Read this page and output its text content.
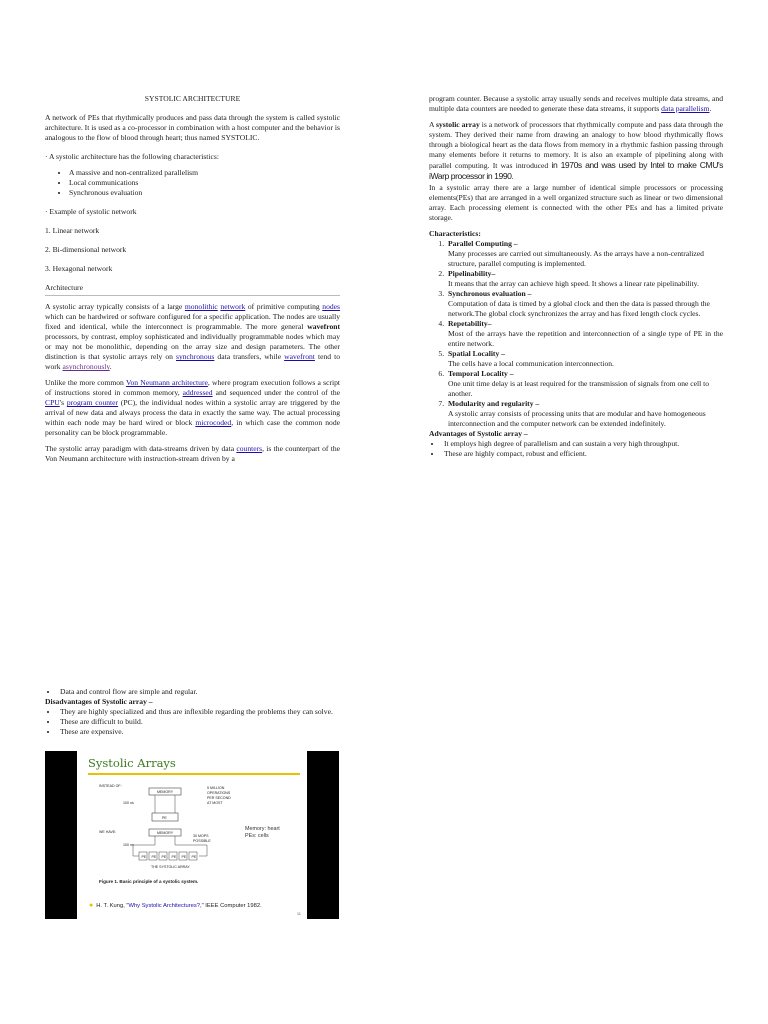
SYSTOLIC ARCHITECTURE

A network of PEs that rhythmically produces and pass data through the system is called systolic architecture. It is used as a co-processor in combination with a host computer and the behavior is analogous to the flow of blood through heart; thus named SYSTOLIC.

· A systolic architecture has the following characteristics:

• A massive and non-centralized parallelism
• Local communications
• Synchronous evaluation

· Example of systolic network

1. Linear network

2. Bi-dimensional network

3. Hexagonal network

Architecture

A systolic array typically consists of a large monolithic network of primitive computing nodes which can be hardwired or software configured for a specific application. The nodes are usually fixed and identical, while the interconnect is programmable. The more general wavefront processors, by contrast, employ sophisticated and individually programmable nodes which may or may not be monolithic, depending on the array size and design parameters. The other distinction is that systolic arrays rely on synchronous data transfers, while wavefront tend to work asynchronously.

Unlike the more common Von Neumann architecture, where program execution follows a script of instructions stored in common memory, addressed and sequenced under the control of the CPU's program counter (PC), the individual nodes within a systolic array are triggered by the arrival of new data and always process the data in exactly the same way. The actual processing within each node may be hard wired or block microcoded, in which case the common node personality can be block programmable.

The systolic array paradigm with data-streams driven by data counters, is the counterpart of the Von Neumann architecture with instruction-stream driven by a

program counter. Because a systolic array usually sends and receives multiple data streams, and multiple data counters are needed to generate these data streams, it supports data parallelism.

A systolic array is a network of processors that rhythmically compute and pass data through the system. They derived their name from drawing an analogy to how blood rhythmically flows through a biological heart as the data flows from memory in a rhythmic fashion passing through many elements before it returns to memory. It is also an example of pipelining along with parallel computing. It was introduced in 1970s and was used by Intel to make CMU's iWarp processor in 1990.
In a systolic array there are a large number of identical simple processors or processing elements(PEs) that are arranged in a well organized structure such as linear or two dimensional array. Each processing element is connected with the other PEs and has a limited private storage.

Characteristics:

1. Parallel Computing –
Many processes are carried out simultaneously. As the arrays have a non-centralized structure, parallel computing is implemented.
2. Pipelinability–
It means that the array can achieve high speed. It shows a linear rate pipelinability.
3. Synchronous evaluation –
Computation of data is timed by a global clock and then the data is passed through the network.The global clock synchronizes the array and has fixed length clock cycles.
4. Repetability–
Most of the arrays have the repetition and interconnection of a single type of PE in the entire network.
5. Spatial Locality –
The cells have a local communication interconnection.
6. Temporal Locality –
One unit time delay is at least required for the transmission of signals from one cell to another.
7. Modularity and regularity –
A systolic array consists of processing units that are modular and have homogeneous interconnection and the computer network can be extended indefinitely.

Advantages of Systolic array –

• It employs high degree of parallelism and can sustain a very high throughput.
• These are highly compact, robust and efficient.
• Data and control flow are simple and regular.

Disadvantages of Systolic array –

• They are highly specialized and thus are inflexible regarding the problems they can solve.
• These are difficult to build.
• These are expensive.
Systolic Arrays
INSTEAD OF:
MEMORY
100 ns
PE
5 MILLION
OPERATIONS
PER SECOND
AT MOST
WE HAVE:	MEMORY
100 ns
PE PE PE PE PE PE
30 MOPS
POSSIBLE
THE SYSTOLIC ARRAY
Memory: heart
PEs: cells
Figure 1. Basic principle of a systolic system.
● H. T. Kung, "Why Systolic Architectures?," IEEE Computer 1982.
11
